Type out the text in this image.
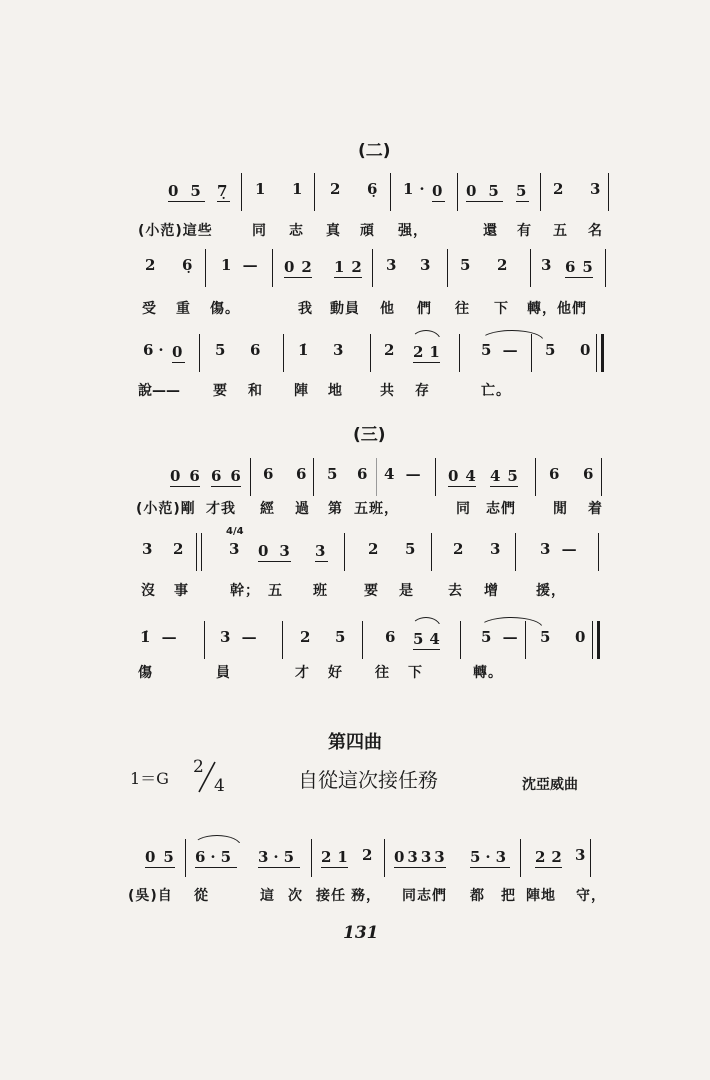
(二)
05 7̣ 1 1 2 6̣ 1· 0 05 5 2 3
(小范)這些	同 志 真 頑 强，	還 有 五 名
2 6̣ 1 — 02 12 3 3 5 2 3 65
受 重 傷。	我 動員 他 們 往 下 轉，他們
6· 0 5 6	1̇ 3	2 21 5 — 5 0
說—— 要 和 陣 地	共 存	亡。
(三)
06 66 6 6 5 6 4 — 04 45 6 6
(小范)剛 才我 經 過 第 五班，	同 志們	閒 着
4/4
3 2	3 03 3	2 5	2 3	3 —
沒 事	幹； 五 班	要 是 去 增	援，
1̇ —	3 —	2 5	6 54 5 — 5 0
傷	員	才 好 往 下	轉。
第四曲
1＝G
2
4	自從這次接任務	沈亞威曲
05 6·5 3·5 21 2 0333 5·3 22 3
(吳)自 從	這 次 接任 務， 同志們 都 把 陣地 守，
131
